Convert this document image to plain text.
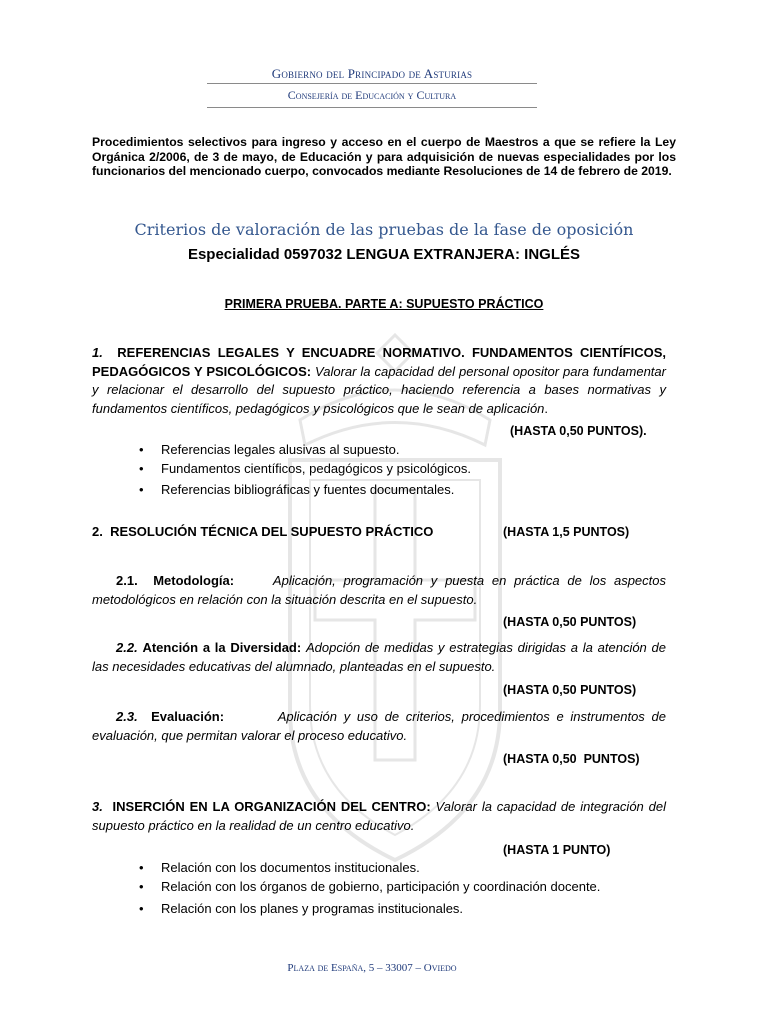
Gobierno del Principado de Asturias
Consejería de Educación y Cultura
Procedimientos selectivos para ingreso y acceso en el cuerpo de Maestros a que se refiere la Ley Orgánica 2/2006, de 3 de mayo, de Educación y para adquisición de nuevas especialidades por los funcionarios del mencionado cuerpo, convocados mediante Resoluciones de 14 de febrero de 2019.
Criterios de valoración de las pruebas de la fase de oposición
Especialidad 0597032 LENGUA EXTRANJERA: INGLÉS
PRIMERA PRUEBA. PARTE A: SUPUESTO PRÁCTICO
1. REFERENCIAS LEGALES Y ENCUADRE NORMATIVO. FUNDAMENTOS CIENTÍFICOS, PEDAGÓGICOS Y PSICOLÓGICOS: Valorar la capacidad del personal opositor para fundamentar y relacionar el desarrollo del supuesto práctico, haciendo referencia a bases normativas y fundamentos científicos, pedagógicos y psicológicos que le sean de aplicación.
(HASTA 0,50 PUNTOS).
• Referencias legales alusivas al supuesto.
• Fundamentos científicos, pedagógicos y psicológicos.
• Referencias bibliográficas y fuentes documentales.
2.  RESOLUCIÓN TÉCNICA DEL SUPUESTO PRÁCTICO	(HASTA 1,5 PUNTOS)
2.1.  Metodología:	Aplicación, programación y puesta en práctica de los aspectos metodológicos en relación con la situación descrita en el supuesto.
(HASTA 0,50 PUNTOS)
2.2. Atención a la Diversidad: Adopción de medidas y estrategias dirigidas a la atención de las necesidades educativas del alumnado, planteadas en el supuesto.
(HASTA 0,50 PUNTOS)
2.3. Evaluación:	Aplicación y uso de criterios, procedimientos e instrumentos de evaluación, que permitan valorar el proceso educativo.
(HASTA 0,50  PUNTOS)
3. INSERCIÓN EN LA ORGANIZACIÓN DEL CENTRO: Valorar la capacidad de integración del supuesto práctico en la realidad de un centro educativo.
(HASTA 1 PUNTO)
• Relación con los documentos institucionales.
• Relación con los órganos de gobierno, participación y coordinación docente.
• Relación con los planes y programas institucionales.
Plaza de España, 5 – 33007 – Oviedo
